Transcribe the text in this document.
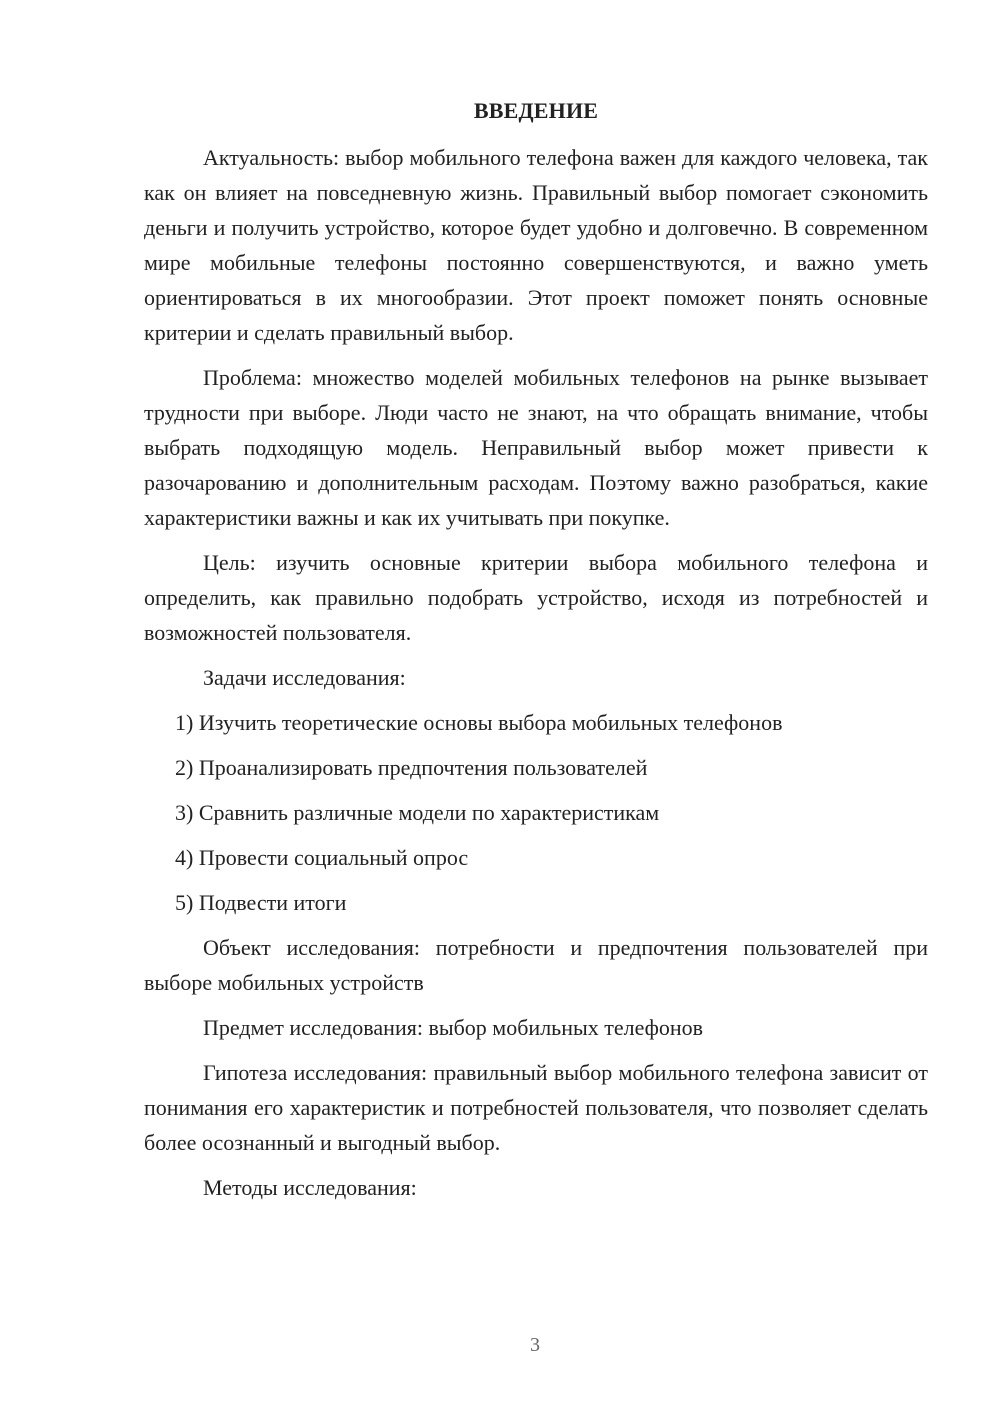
ВВЕДЕНИЕ

Актуальность: выбор мобильного телефона важен для каждого человека, так как он влияет на повседневную жизнь. Правильный выбор помогает сэкономить деньги и получить устройство, которое будет удобно и долговечно. В современном мире мобильные телефоны постоянно совершенствуются, и важно уметь ориентироваться в их многообразии. Этот проект поможет понять основные критерии и сделать правильный выбор.

Проблема: множество моделей мобильных телефонов на рынке вызывает трудности при выборе. Люди часто не знают, на что обращать внимание, чтобы выбрать подходящую модель. Неправильный выбор может привести к разочарованию и дополнительным расходам. Поэтому важно разобраться, какие характеристики важны и как их учитывать при покупке.

Цель: изучить основные критерии выбора мобильного телефона и определить, как правильно подобрать устройство, исходя из потребностей и возможностей пользователя.

Задачи исследования:

1) Изучить теоретические основы выбора мобильных телефонов
2) Проанализировать предпочтения пользователей
3) Сравнить различные модели по характеристикам
4) Провести социальный опрос
5) Подвести итоги

Объект исследования: потребности и предпочтения пользователей при выборе мобильных устройств

Предмет исследования: выбор мобильных телефонов

Гипотеза исследования: правильный выбор мобильного телефона зависит от понимания его характеристик и потребностей пользователя, что позволяет сделать более осознанный и выгодный выбор.

Методы исследования:

3
